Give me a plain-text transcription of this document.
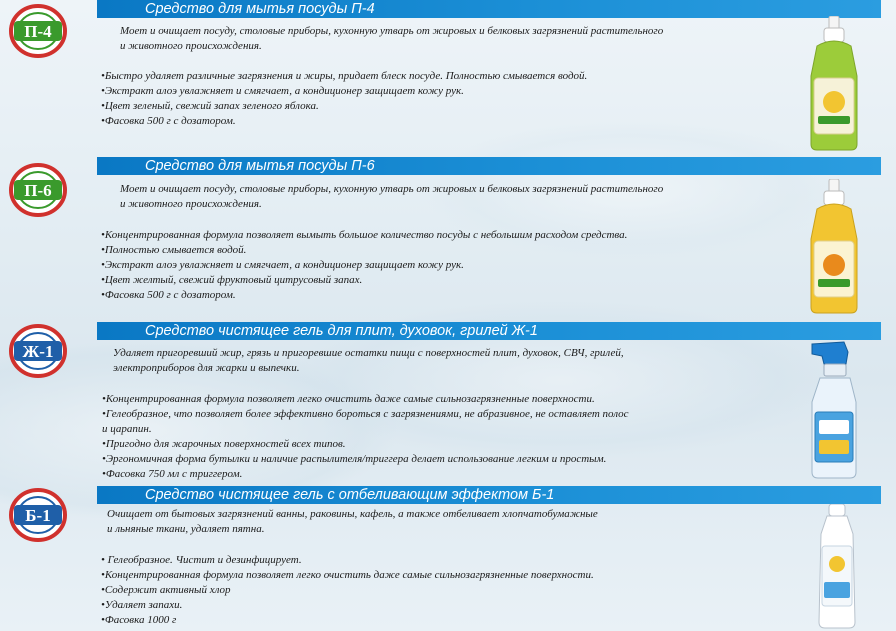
Средство для мытья посуды П-4
П-4	Моет и очищает посуду, столовые приборы, кухонную утварь от жировых и белковых загрязнений растительного
и животного происхождения.
•Быстро удаляет различные загрязнения и жиры, придает блеск посуде. Полностью смывается водой.
•Экстракт алоэ увлажняет и смягчает, а кондиционер защищает кожу рук.
•Цвет зеленый, свежий запах зеленого яблока.
•Фасовка 500 г с дозатором.
Средство для мытья посуды П-6
П-6	Моет и очищает посуду, столовые приборы, кухонную утварь от жировых и белковых загрязнений растительного
и животного происхождения.
•Концентрированная формула позволяет вымыть большое количество посуды с небольшим расходом средства.
•Полностью смывается водой.
•Экстракт алоэ увлажняет и смягчает, а кондиционер защищает кожу рук.
•Цвет желтый, свежий фруктовый цитрусовый запах.
•Фасовка 500 г с дозатором.
Средство чистящее гель для плит, духовок, грилей Ж-1
Ж-1	Удаляет пригоревший жир, грязь и пригоревшие остатки пищи с поверхностей плит, духовок, СВЧ, грилей,
электроприборов для жарки и выпечки.
•Концентрированная формула позволяет легко очистить даже самые сильнозагрязненные поверхности.
•Гелеобразное, что позволяет более эффективно бороться с загрязнениями, не абразивное, не оставляет полос
и царапин.
•Пригодно для жарочных поверхностей всех типов.
•Эргономичная форма бутылки и наличие распылителя/триггера делает использование легким и простым.
•Фасовка 750 мл с триггером.
Средство чистящее гель с отбеливающим эффектом Б-1
Б-1	Очищает от бытовых загрязнений ванны, раковины, кафель, а также отбеливает хлопчатобумажные
и льняные ткани, удаляет пятна.
• Гелеобразное. Чистит и дезинфицирует.
•Концентрированная формула позволяет легко очистить даже самые сильнозагрязненные поверхности.
•Содержит активный хлор
•Удаляет запахи.
•Фасовка 1000 г
